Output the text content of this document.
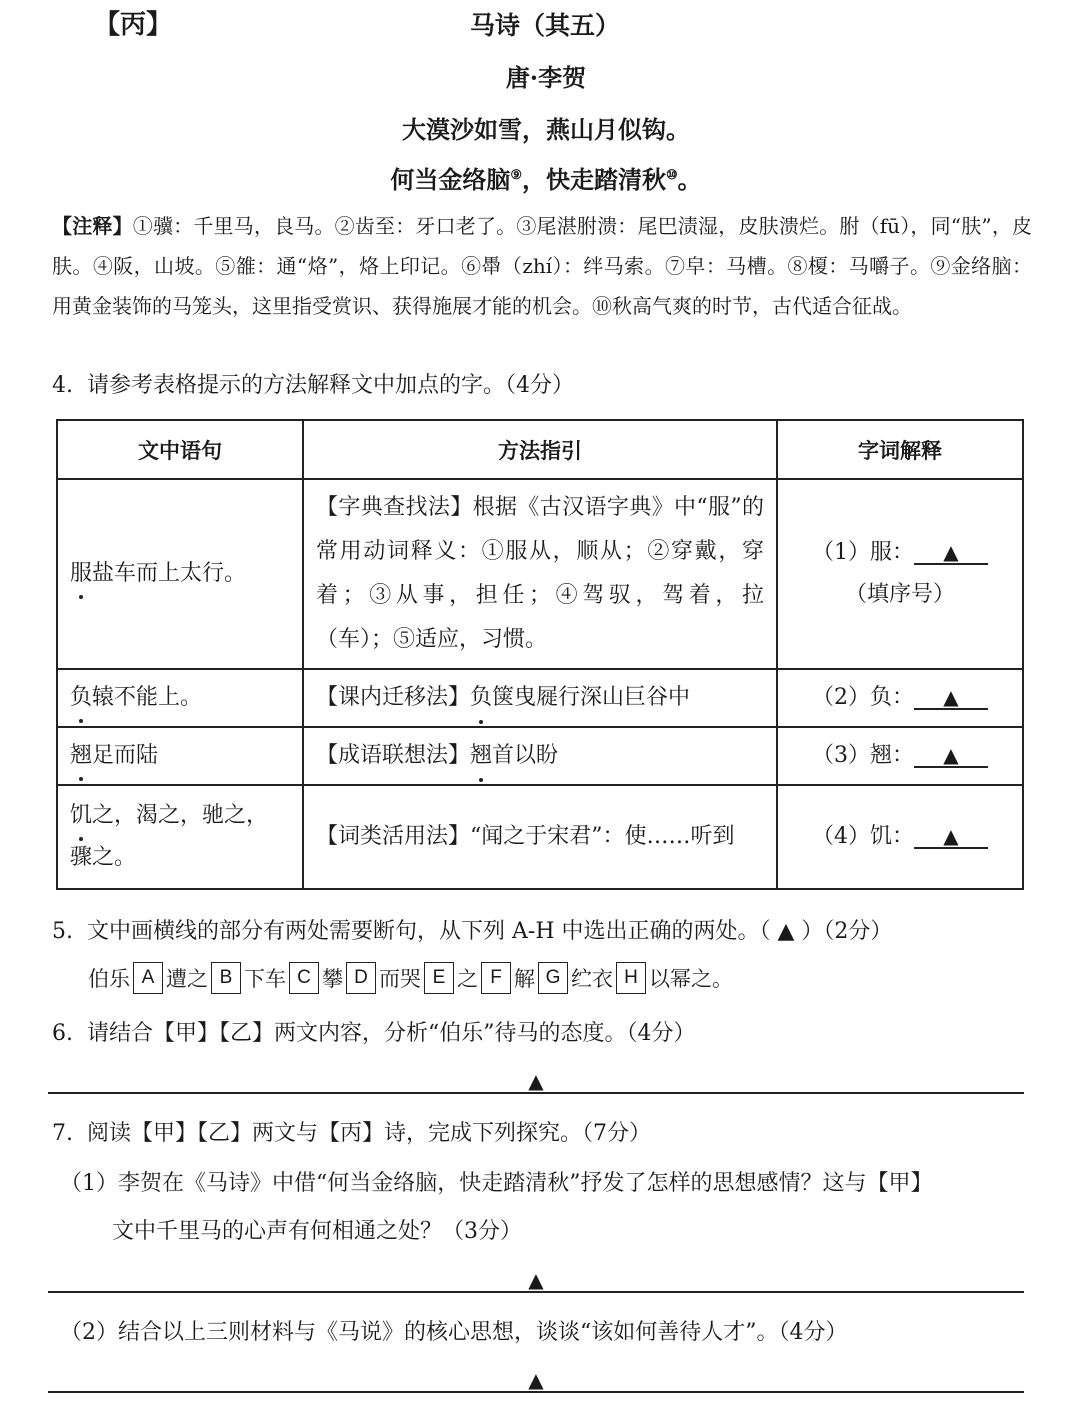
【丙】	马诗（其五）
唐·李贺
大漠沙如雪，燕山月似钩。
何当金络脑⑨，快走踏清秋⑩。
【注释】①骥：千里马，良马。②齿至：牙口老了。③尾湛胕溃：尾巴渍湿，皮肤溃烂。胕（fū），同“肤”，皮肤。④阪，山坡。⑤雒：通“烙”，烙上印记。⑥馽（zhí）：绊马索。⑦皁：马槽。⑧榎：马嚼子。⑨金络脑：用黄金装饰的马笼头，这里指受赏识、获得施展才能的机会。⑩秋高气爽的时节，古代适合征战。
4. 请参考表格提示的方法解释文中加点的字。（4分）
文中语句	方法指引	字词解释
服盐车而上太行。	【字典查找法】根据《古汉语字典》中“服”的常用动词释义：①服从，顺从；②穿戴，穿着；③从事，担任；④驾驭，驾着，拉（车）；⑤适应，习惯。	（1）服： ▲
（填序号）

负辕不能上。	【课内迁移法】负箧曳屣行深山巨谷中	（2）负： ▲
翘足而陆	【成语联想法】翘首以盼	（3）翘： ▲
饥之，渴之，驰之，骤之。	【词类活用法】“闻之于宋君”：使……听到	（4）饥： ▲
5. 文中画横线的部分有两处需要断句，从下列 A-H 中选出正确的两处。（ ▲ ）（2分）
伯乐 A 遭之 B 下车 C 攀 D 而哭 E 之 F 解 G 纻衣 H 以幂之。
6. 请结合【甲】【乙】两文内容，分析“伯乐”待马的态度。（4分）
▲
7. 阅读【甲】【乙】两文与【丙】诗，完成下列探究。（7分）
（1）李贺在《马诗》中借“何当金络脑，快走踏清秋”抒发了怎样的思想感情？这与【甲】
文中千里马的心声有何相通之处？（3分）
▲
（2）结合以上三则材料与《马说》的核心思想，谈谈“该如何善待人才”。（4分）
▲
